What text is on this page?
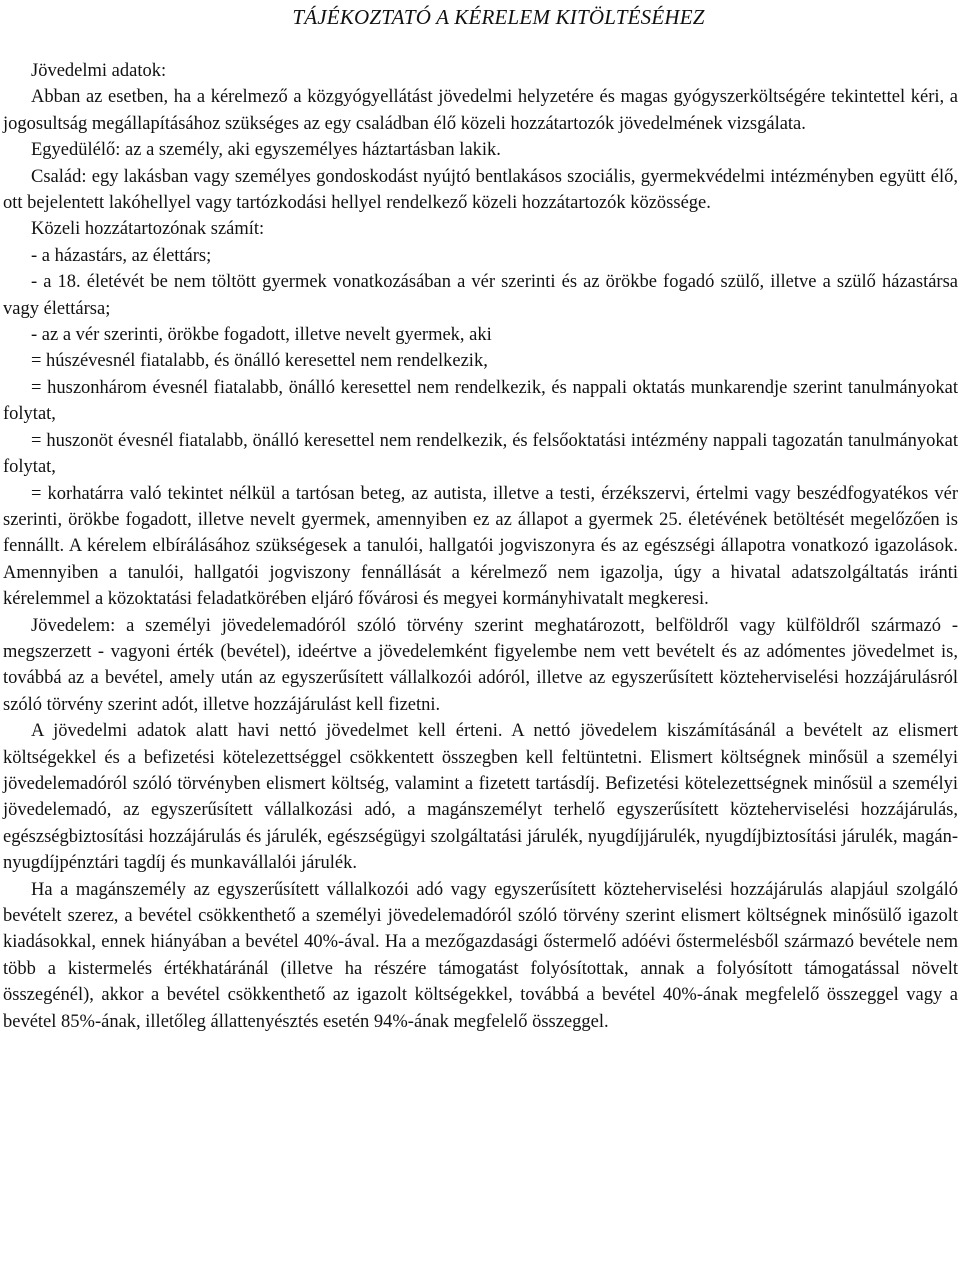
TÁJÉKOZTATÓ A KÉRELEM KITÖLTÉSÉHEZ

Jövedelmi adatok:

Abban az esetben, ha a kérelmező a közgyógyellátást jövedelmi helyzetére és magas gyógyszerköltségére tekintettel kéri, a jogosultság megállapításához szükséges az egy családban élő közeli hozzátartozók jövedelmének vizsgálata.

Egyedülélő: az a személy, aki egyszemélyes háztartásban lakik.

Család: egy lakásban vagy személyes gondoskodást nyújtó bentlakásos szociális, gyermekvédelmi intézményben együtt élő, ott bejelentett lakóhellyel vagy tartózkodási hellyel rendelkező közeli hozzátartozók közössége.

Közeli hozzátartozónak számít:

- a házastárs, az élettárs;

- a 18. életévét be nem töltött gyermek vonatkozásában a vér szerinti és az örökbe fogadó szülő, illetve a szülő házastársa vagy élettársa;

- az a vér szerinti, örökbe fogadott, illetve nevelt gyermek, aki

= húszévesnél fiatalabb, és önálló keresettel nem rendelkezik,

= huszonhárom évesnél fiatalabb, önálló keresettel nem rendelkezik, és nappali oktatás munkarendje szerint tanulmányokat folytat,

= huszonöt évesnél fiatalabb, önálló keresettel nem rendelkezik, és felsőoktatási intézmény nappali tagozatán tanulmányokat folytat,

= korhatárra való tekintet nélkül a tartósan beteg, az autista, illetve a testi, érzékszervi, értelmi vagy beszédfogyatékos vér szerinti, örökbe fogadott, illetve nevelt gyermek, amennyiben ez az állapot a gyermek 25. életévének betöltését megelőzően is fennállt. A kérelem elbírálásához szükségesek a tanulói, hallgatói jogviszonyra és az egészségi állapotra vonatkozó igazolások. Amennyiben a tanulói, hallgatói jogviszony fennállását a kérelmező nem igazolja, úgy a hivatal adatszolgáltatás iránti kérelemmel a közoktatási feladatkörében eljáró fővárosi és megyei kormányhivatalt megkeresi.

Jövedelem: a személyi jövedelemadóról szóló törvény szerint meghatározott, belföldről vagy külföldről származó - megszerzett - vagyoni érték (bevétel), ideértve a jövedelemként figyelembe nem vett bevételt és az adómentes jövedelmet is, továbbá az a bevétel, amely után az egyszerűsített vállalkozói adóról, illetve az egyszerűsített közteherviselési hozzájárulásról szóló törvény szerint adót, illetve hozzájárulást kell fizetni.

A jövedelmi adatok alatt havi nettó jövedelmet kell érteni. A nettó jövedelem kiszámításánál a bevételt az elismert költségekkel és a befizetési kötelezettséggel csökkentett összegben kell feltüntetni. Elismert költségnek minősül a személyi jövedelemadóról szóló törvényben elismert költség, valamint a fizetett tartásdíj. Befizetési kötelezettségnek minősül a személyi jövedelemadó, az egyszerűsített vállalkozási adó, a magánszemélyt terhelő egyszerűsített közteherviselési hozzájárulás, egészségbiztosítási hozzájárulás és járulék, egészségügyi szolgáltatási járulék, nyugdíjjárulék, nyugdíjbiztosítási járulék, magán-nyugdíjpénztári tagdíj és munkavállalói járulék.

Ha a magánszemély az egyszerűsített vállalkozói adó vagy egyszerűsített közteherviselési hozzájárulás alapjául szolgáló bevételt szerez, a bevétel csökkenthető a személyi jövedelemadóról szóló törvény szerint elismert költségnek minősülő igazolt kiadásokkal, ennek hiányában a bevétel 40%-ával. Ha a mezőgazdasági őstermelő adóévi őstermelésből származó bevétele nem több a kistermelés értékhatáránál (illetve ha részére támogatást folyósítottak, annak a folyósított támogatással növelt összegénél), akkor a bevétel csökkenthető az igazolt költségekkel, továbbá a bevétel 40%-ának megfelelő összeggel vagy a bevétel 85%-ának, illetőleg állattenyésztés esetén 94%-ának megfelelő összeggel.
